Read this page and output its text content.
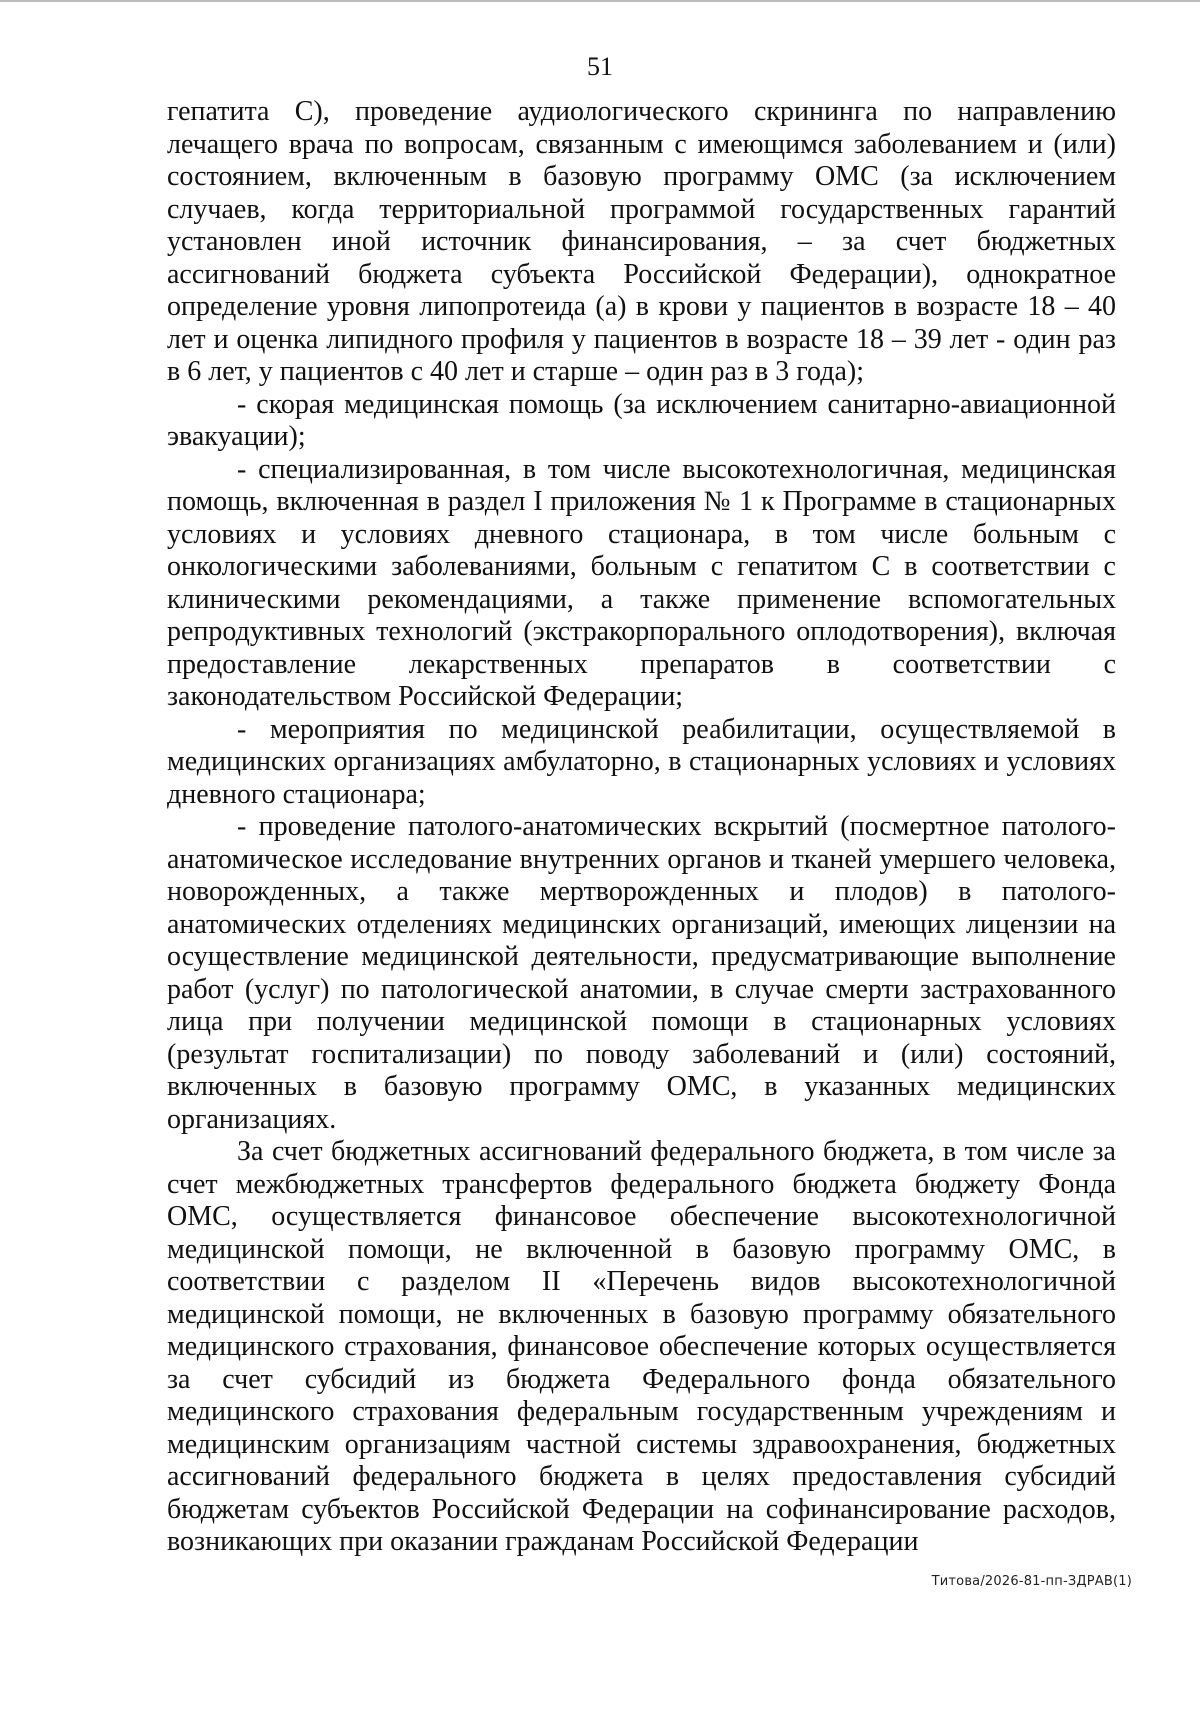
51

гепатита С), проведение аудиологического скрининга по направлению лечащего врача по вопросам, связанным с имеющимся заболеванием и (или) состоянием, включенным в базовую программу ОМС (за исключением случаев, когда территориальной программой государственных гарантий установлен иной источник финансирования, – за счет бюджетных ассигнований бюджета субъекта Российской Федерации), однократное определение уровня липопротеида (а) в крови у пациентов в возрасте 18 – 40 лет и оценка липидного профиля у пациентов в возрасте 18 – 39 лет - один раз в 6 лет, у пациентов с 40 лет и старше – один раз в 3 года);

- скорая медицинская помощь (за исключением санитарно-авиационной эвакуации);

- специализированная, в том числе высокотехнологичная, медицинская помощь, включенная в раздел I приложения № 1 к Программе в стационарных условиях и условиях дневного стационара, в том числе больным с онкологическими заболеваниями, больным с гепатитом С в соответствии с клиническими рекомендациями, а также применение вспомогательных репродуктивных технологий (экстракорпорального оплодотворения), включая предоставление лекарственных препаратов в соответствии с законодательством Российской Федерации;

- мероприятия по медицинской реабилитации, осуществляемой в медицинских организациях амбулаторно, в стационарных условиях и условиях дневного стационара;

- проведение патолого-анатомических вскрытий (посмертное патолого-анатомическое исследование внутренних органов и тканей умершего человека, новорожденных, а также мертворожденных и плодов) в патолого-анатомических отделениях медицинских организаций, имеющих лицензии на осуществление медицинской деятельности, предусматривающие выполнение работ (услуг) по патологической анатомии, в случае смерти застрахованного лица при получении медицинской помощи в стационарных условиях (результат госпитализации) по поводу заболеваний и (или) состояний, включенных в базовую программу ОМС, в указанных медицинских организациях.

За счет бюджетных ассигнований федерального бюджета, в том числе за счет межбюджетных трансфертов федерального бюджета бюджету Фонда ОМС, осуществляется финансовое обеспечение высокотехнологичной медицинской помощи, не включенной в базовую программу ОМС, в соответствии с разделом II «Перечень видов высокотехнологичной медицинской помощи, не включенных в базовую программу обязательного медицинского страхования, финансовое обеспечение которых осуществляется за счет субсидий из бюджета Федерального фонда обязательного медицинского страхования федеральным государственным учреждениям и медицинским организациям частной системы здравоохранения, бюджетных ассигнований федерального бюджета в целях предоставления субсидий бюджетам субъектов Российской Федерации на софинансирование расходов, возникающих при оказании гражданам Российской Федерации

Титова/2026-81-пп-ЗДРАВ(1)
